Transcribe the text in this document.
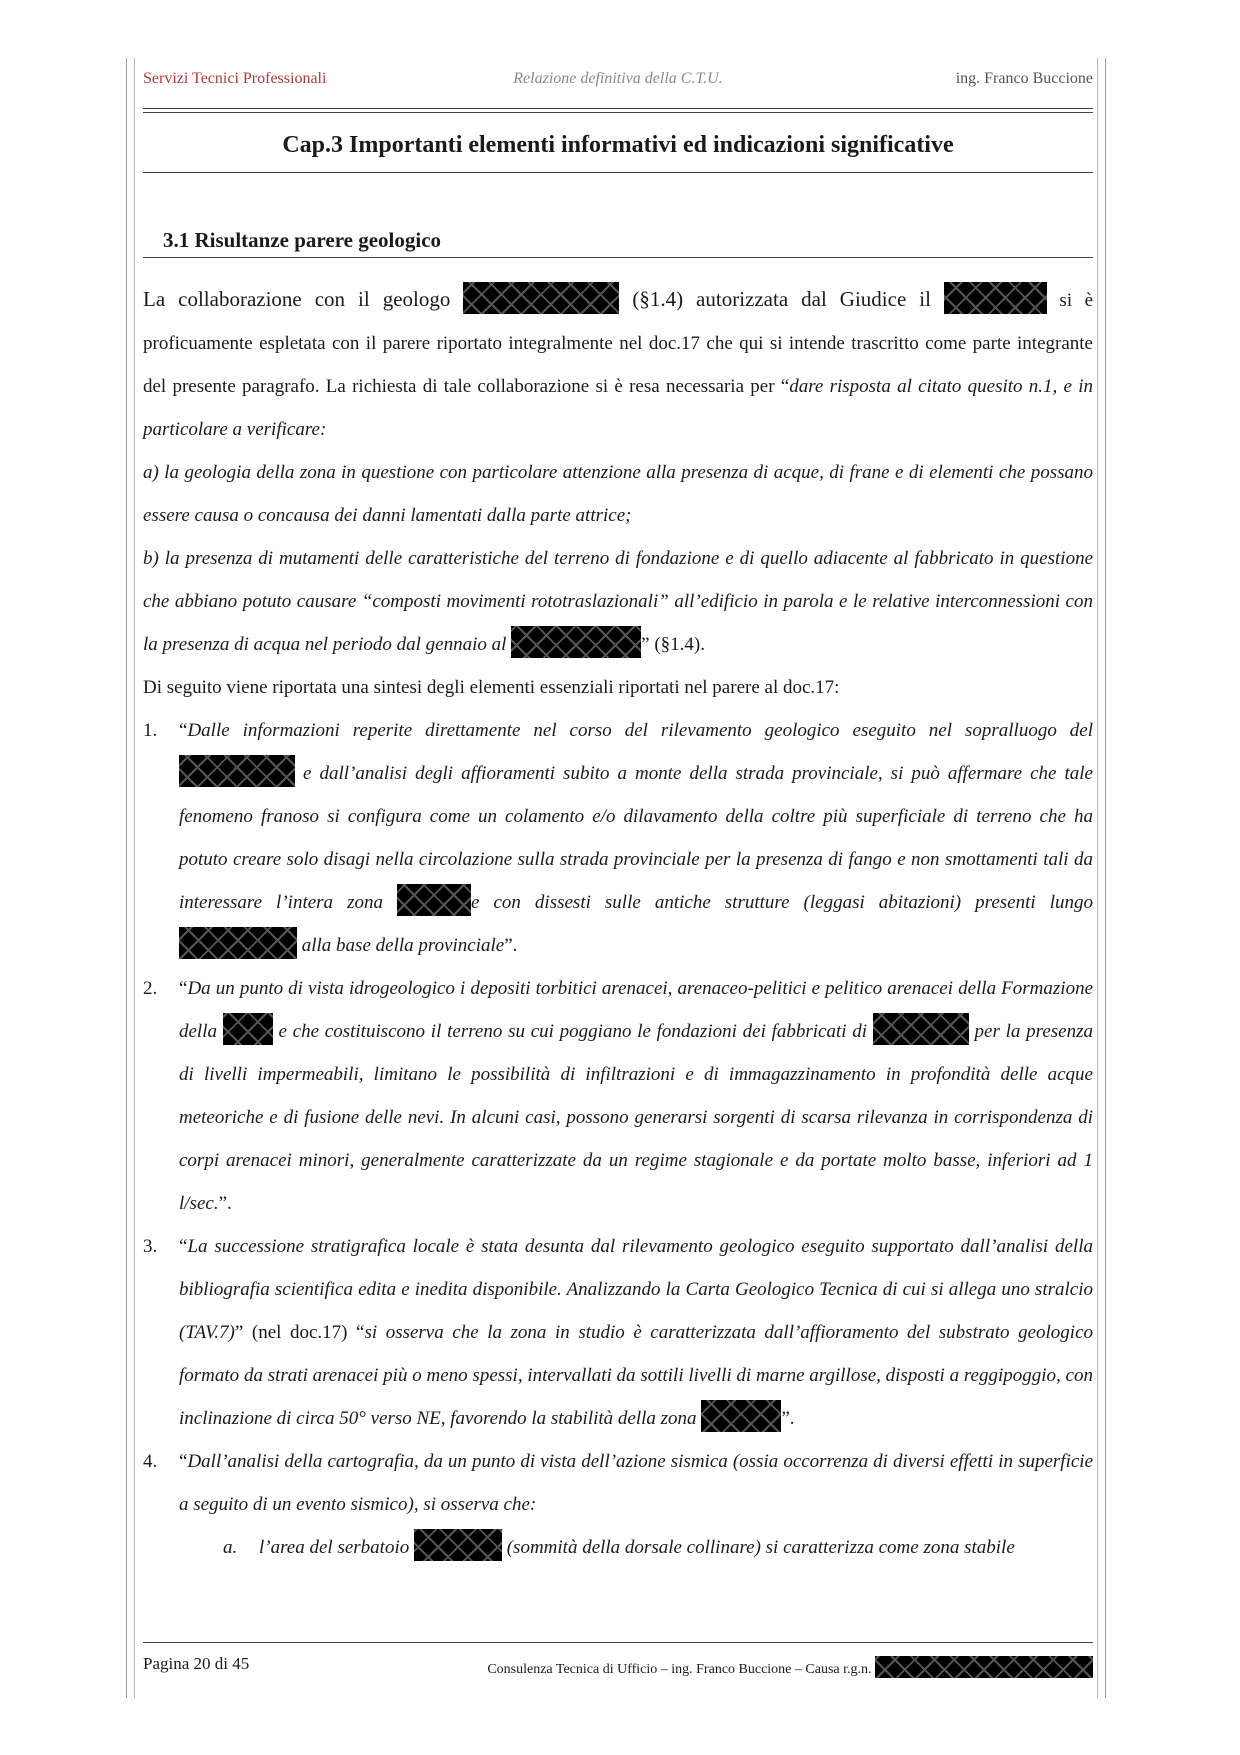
Servizi Tecnici Professionali	Relazione definitiva della C.T.U.	ing. Franco Buccione
Cap.3 Importanti elementi informativi ed indicazioni significative
3.1 Risultanze parere geologico

La collaborazione con il geologo	(§1.4) autorizzata dal Giudice il	si è proficuamente espletata con il parere riportato integralmente nel doc.17 che qui si intende trascritto come parte integrante del presente paragrafo. La richiesta di tale collaborazione si è resa necessaria per “dare risposta al citato quesito n.1, e in particolare a verificare:

a) la geologia della zona in questione con particolare attenzione alla presenza di acque, di frane e di elementi che possano essere causa o concausa dei danni lamentati dalla parte attrice;

b) la presenza di mutamenti delle caratteristiche del terreno di fondazione e di quello adiacente al fabbricato in questione che abbiano potuto causare “composti movimenti rototraslazionali” all’edificio in parola e le relative interconnessioni con la presenza di acqua nel periodo dal gennaio al	” (§1.4).

Di seguito viene riportata una sintesi degli elementi essenziali riportati nel parere al doc.17:

1. “Dalle informazioni reperite direttamente nel corso del rilevamento geologico eseguito nel sopralluogo del  e dall’analisi degli affioramenti subito a monte della strada provinciale, si può affermare che tale fenomeno franoso si configura come un colamento e/o dilavamento della coltre più superficiale di terreno che ha potuto creare solo disagi nella circolazione sulla strada provinciale per la presenza di fango e non smottamenti tali da interessare l’intera zona	e con dissesti sulle antiche strutture (leggasi abitazioni) presenti lungo  alla base della provinciale”.
2. “Da un punto di vista idrogeologico i depositi torbitici arenacei, arenaceo-pelitici e pelitico arenacei della Formazione della	e che costituiscono il terreno su cui poggiano le fondazioni dei fabbricati di	per la presenza di livelli impermeabili, limitano le possibilità di infiltrazioni e di immagazzinamento in profondità delle acque meteoriche e di fusione delle nevi. In alcuni casi, possono generarsi sorgenti di scarsa rilevanza in corrispondenza di corpi arenacei minori, generalmente caratterizzate da un regime stagionale e da portate molto basse, inferiori ad 1 l/sec.”.
3. “La successione stratigrafica locale è stata desunta dal rilevamento geologico eseguito supportato dall’analisi della bibliografia scientifica edita e inedita disponibile. Analizzando la Carta Geologico Tecnica di cui si allega uno stralcio (TAV.7)” (nel doc.17) “si osserva che la zona in studio è caratterizzata dall’affioramento del substrato geologico formato da strati arenacei più o meno spessi, intervallati da sottili livelli di marne argillose, disposti a reggipoggio, con inclinazione di circa 50° verso NE, favorendo la stabilità della zona	”.
4. “Dall’analisi della cartografia, da un punto di vista dell’azione sismica (ossia occorrenza di diversi effetti in superficie a seguito di un evento sismico), si osserva che:
a. l’area del serbatoio	(sommità della dorsale collinare) si caratterizza come zona stabile
Pagina 20 di 45	Consulenza Tecnica di Ufficio – ing. Franco Buccione – Causa r.g.n.
